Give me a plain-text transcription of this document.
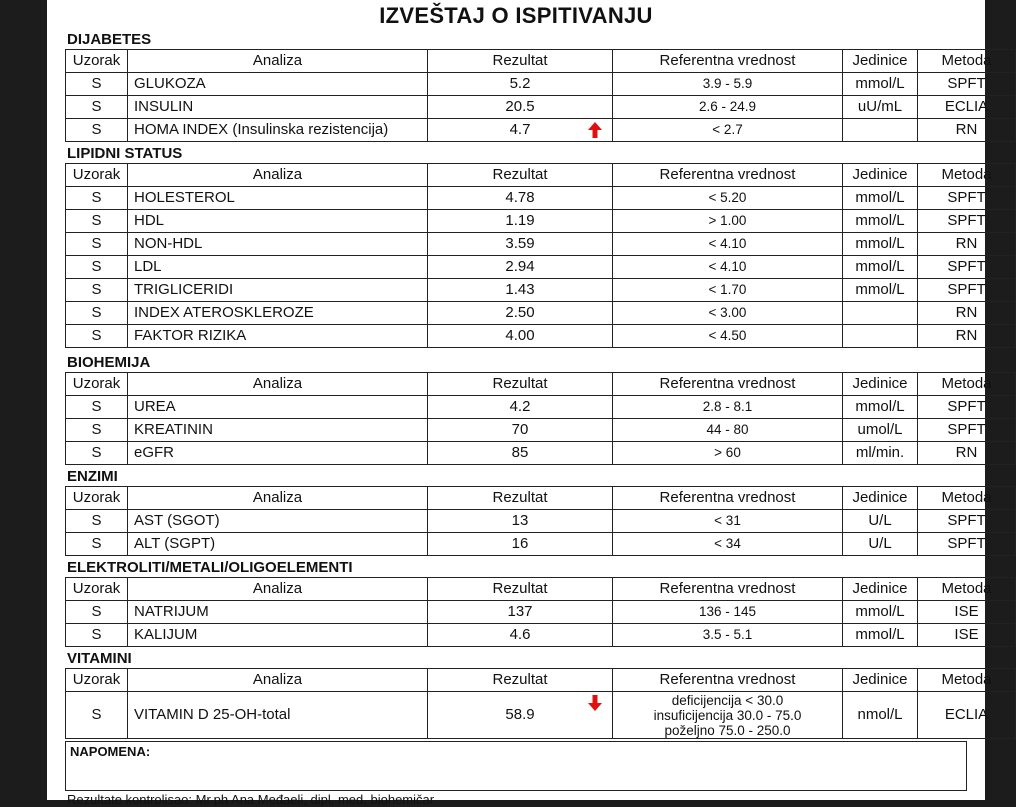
IZVEŠTAJ O ISPITIVANJU
DIJABETES
Uzorak	Analiza	Rezultat	Referentna vrednost	Jedinice	Metoda
S	GLUKOZA	5.2	3.9 - 5.9	mmol/L	SPFT
S	INSULIN	20.5	2.6 - 24.9	uU/mL	ECLIA
S	HOMA INDEX (Insulinska rezistencija)	4.7	< 2.7		RN
LIPIDNI STATUS
Uzorak	Analiza	Rezultat	Referentna vrednost	Jedinice	Metoda
S	HOLESTEROL	4.78	< 5.20	mmol/L	SPFT
S	HDL	1.19	> 1.00	mmol/L	SPFT
S	NON-HDL	3.59	< 4.10	mmol/L	RN
S	LDL	2.94	< 4.10	mmol/L	SPFT
S	TRIGLICERIDI	1.43	< 1.70	mmol/L	SPFT
S	INDEX ATEROSKLEROZE	2.50	< 3.00		RN
S	FAKTOR RIZIKA	4.00	< 4.50		RN
BIOHEMIJA
Uzorak	Analiza	Rezultat	Referentna vrednost	Jedinice	Metoda
S	UREA	4.2	2.8 - 8.1	mmol/L	SPFT
S	KREATININ	70	44 - 80	umol/L	SPFT
S	eGFR	85	> 60	ml/min.	RN
ENZIMI
Uzorak	Analiza	Rezultat	Referentna vrednost	Jedinice	Metoda
S	AST (SGOT)	13	< 31	U/L	SPFT
S	ALT (SGPT)	16	< 34	U/L	SPFT
ELEKTROLITI/METALI/OLIGOELEMENTI
Uzorak	Analiza	Rezultat	Referentna vrednost	Jedinice	Metoda
S	NATRIJUM	137	136 - 145	mmol/L	ISE
S	KALIJUM	4.6	3.5 - 5.1	mmol/L	ISE
VITAMINI
Uzorak	Analiza	Rezultat	Referentna vrednost	Jedinice	Metoda
S	VITAMIN D 25-OH-total	58.9	deficijencija < 30.0
insuficijencija 30.0 - 75.0
poželjno 75.0 - 250.0	nmol/L	ECLIA
NAPOMENA:
Rezultate kontrolisao: Mr.ph Ana Međaeli, dipl. med. biohemičar
